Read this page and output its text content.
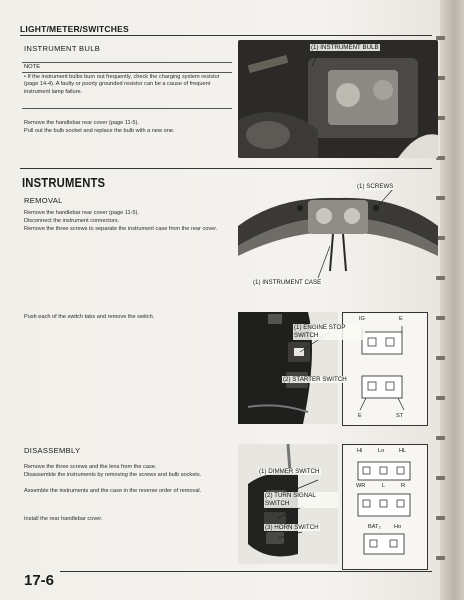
LIGHT/METER/SWITCHES
INSTRUMENT BULB
NOTE
• If the instrument bulbs burn out frequently, check the charging system resistor (page 14-4). A faulty or poorly grounded resistor can be a cause of frequent instrument lamp failure.
Remove the handlebar rear cover (page 11-5).
Pull out the bulb socket and replace the bulb with a new one.
(1) INSTRUMENT BULB
INSTRUMENTS
REMOVAL
Remove the handlebar rear cover (page 11-5).
Disconnect the instrument connectors.
Remove the three screws to separate the instrument case from the rear cover.
(1) SCREWS
(1) INSTRUMENT CASE
Push each of the switch tabs and remove the switch.	IG	E
(1) ENGINE STOP SWITCH
(2) STARTER SWITCH
E	ST
DISASSEMBLY
Remove the three screws and the lens from the case.
Disassemble the instruments by removing the screws and bulb sockets.
Assemble the instruments and the case in the reverse order of removal.
Install the rear handlebar cover.
Hi	Lo	HL
WR	L	R
BAT₂ Ho
(1) DIMMER SWITCH
(2) TURN SIGNAL SWITCH
(3) HORN SWITCH
17-6
